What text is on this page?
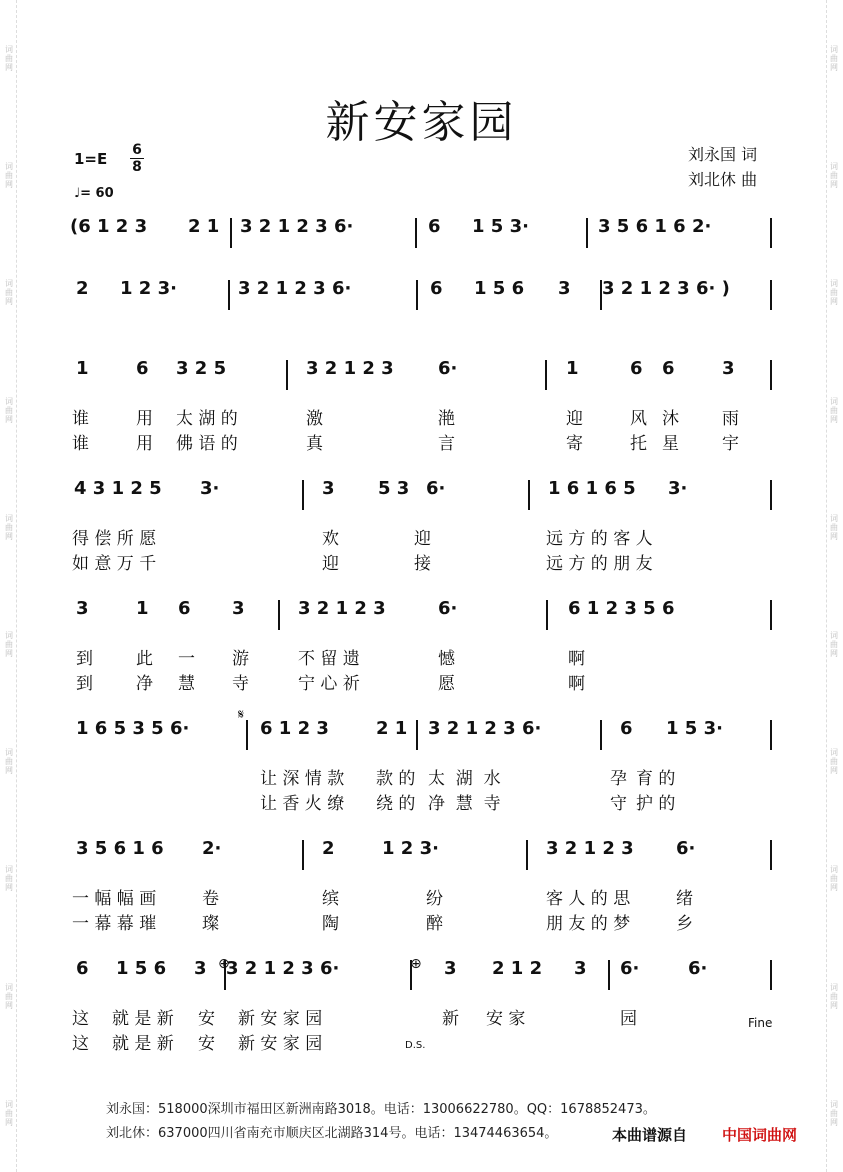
词曲网
词曲网
词曲网
词曲网
词曲网
词曲网
词曲网
词曲网
词曲网
词曲网
词曲网
词曲网
词曲网
词曲网
词曲网
词曲网
词曲网
词曲网
词曲网
词曲网
新安家园
1=E 6
8
♩= 60
刘永国 词
刘北休 曲
(6 1 2 3 2 1 3 2 1 2 3 6·	6 1 5 3·	3 5 6 1 6 2·
2 1 2 3·	3 2 1 2 3 6·	6 1 5 6 3 3 2 1 2 3 6· )
1	6 3 2 5	3 2 1 2 3 6·	1	6 6	3
谁	用 太 湖 的	激	滟	迎	风 沐	雨
谁	用 佛 语 的	真	言	寄	托 星	宇
4 3 1 2 5 3·	3 5 3 6·	1 6 1 6 5 3·
得 偿 所 愿	欢	迎	远 方 的 客 人
如 意 万 千	迎	接	远 方 的 朋 友
3	1 6 3	3 2 1 2 3	6·	6 1 2 3 5 6
到	此 一 游	不 留 遗	憾	啊
到	净 慧 寺	宁 心 祈	愿	啊
1 6 5 3 5 6·	6 1 2 3	2 1 3 2 1 2 3 6·	6 1 5 3·
让 深 情 款 款 的 太  湖  水	孕 育 的
让 香 火 缭 绕 的 净  慧  寺	守 护 的
3 5 6 1 6 2·	2	1 2 3·	3 2 1 2 3 6·
一 幅 幅 画	卷	缤	纷	客 人 的 思	绪
一 幕 幕 璀	璨	陶	醉	朋 友 的 梦	乡
6 1 5 6 3 3 2 1 2 3 6·	3 2 1 2 3 6·	6·
这 就 是 新 安 新 安 家 园	新 安 家	园
这 就 是 新 安 新 安 家 园
𝄋
⊕	⊕
Fine
D.S.
刘永国：518000深圳市福田区新洲南路3018。电话：13006622780。QQ：1678852473。
刘北休：637000四川省南充市顺庆区北湖路314号。电话：13474463654。	本曲谱源自 中国词曲网
